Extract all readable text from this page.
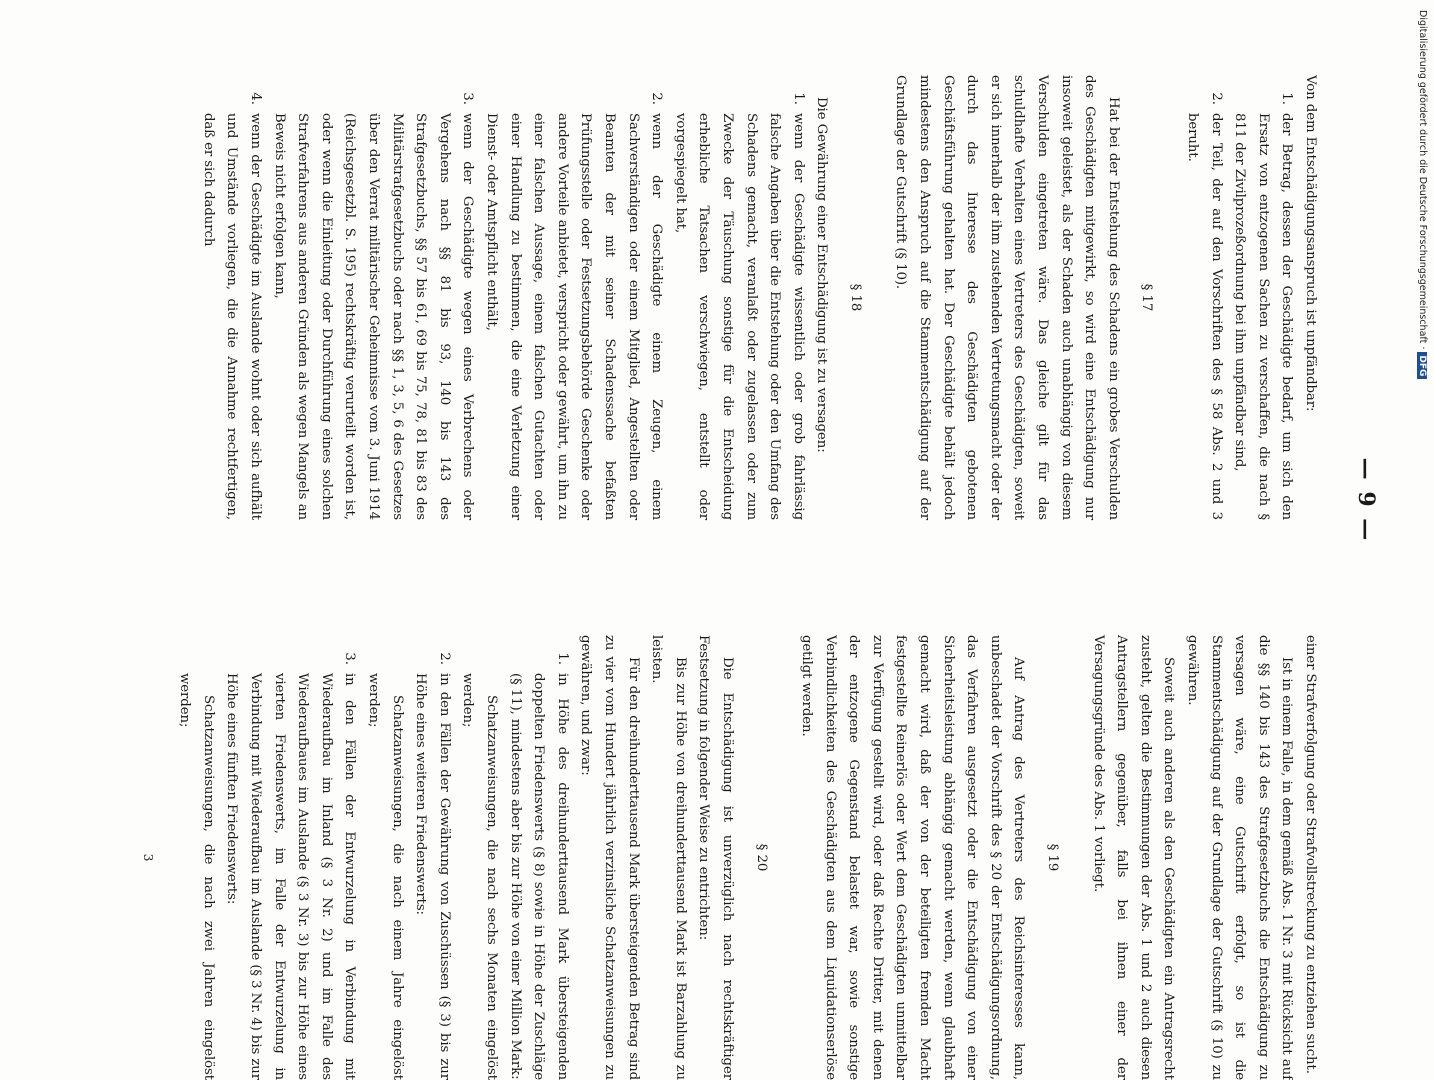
— 9 —

Von dem Entschädigungsanspruch ist unpfändbar:

1. der Betrag, dessen der Geschädigte bedarf, um sich den Ersatz von entzogenen Sachen zu verschaffen, die nach § 811 der Zivilprozeßordnung bei ihm unpfändbar sind,
2. der Teil, der auf den Vorschriften des § 58 Abs. 2 und 3 beruht.

§ 17

Hat bei der Entstehung des Schadens ein grobes Verschulden des Geschädigten mitgewirkt, so wird eine Entschädigung nur insoweit geleistet, als der Schaden auch unabhängig von diesem Verschulden eingetreten wäre. Das gleiche gilt für das schuldhafte Verhalten eines Vertreters des Geschädigten, soweit er sich innerhalb der ihm zustehenden Vertretungsmacht oder der durch das Interesse des Geschädigten gebotenen Geschäftsführung gehalten hat. Der Geschädigte behält jedoch mindestens den Anspruch auf die Stammentschädigung auf der Grundlage der Gutschrift (§ 10).

§ 18

Die Gewährung einer Entschädigung ist zu versagen:

1. wenn der Geschädigte wissentlich oder grob fahrlässig falsche Angaben über die Entstehung oder den Umfang des Schadens gemacht, veranlaßt oder zugelassen oder zum Zwecke der Täuschung sonstige für die Entscheidung erhebliche Tatsachen verschwiegen, entstellt oder vorgespiegelt hat,
2. wenn der Geschädigte einem Zeugen, einem Sachverständigen oder einem Mitglied, Angestellten oder Beamten der mit seiner Schadenssache befaßten Prüfungsstelle oder Festsetzungsbehörde Geschenke oder andere Vorteile anbietet, verspricht oder gewährt, um ihn zu einer falschen Aussage, einem falschen Gutachten oder einer Handlung zu bestimmen, die eine Verletzung einer Dienst- oder Amtspflicht enthält,
3. wenn der Geschädigte wegen eines Verbrechens oder Vergehens nach §§ 81 bis 93, 140 bis 143 des Strafgesetzbuchs, §§ 57 bis 61, 69 bis 75, 78, 81 bis 83 des Militärstrafgesetzbuchs oder nach §§ 1, 3, 5, 6 des Gesetzes über den Verrat militärischer Geheimnisse vom 3. Juni 1914 (Reichsgesetzbl. S. 195) rechtskräftig verurteilt worden ist, oder wenn die Einleitung oder Durchführung eines solchen Strafverfahrens aus anderen Gründen als wegen Mangels an Beweis nicht erfolgen kann,
4. wenn der Geschädigte im Auslande wohnt oder sich aufhält und Umstände vorliegen, die die Annahme rechtfertigen, daß er sich dadurch

einer Strafverfolgung oder Strafvollstreckung zu entziehen sucht.

Ist in einem Falle, in dem gemäß Abs. 1 Nr. 3 mit Rücksicht auf die §§ 140 bis 143 des Strafgesetzbuchs die Entschädigung zu versagen wäre, eine Gutschrift erfolgt, so ist die Stammentschädigung auf der Grundlage der Gutschrift (§ 10) zu gewähren.

Soweit auch anderen als den Geschädigten ein Antragsrecht zusteht, gelten die Bestimmungen der Abs. 1 und 2 auch diesen Antragstellern gegenüber, falls bei ihnen einer der Versagungsgründe des Abs. 1 vorliegt.

§ 19

Auf Antrag des Vertreters des Reichsinteresses kann, unbeschadet der Vorschrift des § 20 der Entschädigungsordnung, das Verfahren ausgesetzt oder die Entschädigung von einer Sicherheitsleistung abhängig gemacht werden, wenn glaubhaft gemacht wird, daß der von der beteiligten fremden Macht festgestellte Reinerlös oder Wert dem Geschädigten unmittelbar zur Verfügung gestellt wird, oder daß Rechte Dritter, mit denen der entzogene Gegenstand belastet war, sowie sonstige Verbindlichkeiten des Geschädigten aus dem Liquidationserlöse getilgt werden.

§ 20

Die Entschädigung ist unverzüglich nach rechtskräftiger Festsetzung in folgender Weise zu entrichten:

Bis zur Höhe von dreihunderttausend Mark ist Barzahlung zu leisten.

Für den dreihunderttausend Mark übersteigenden Betrag sind zu vier vom Hundert jährlich verzinsliche Schatzanweisungen zu gewähren, und zwar:

1. in Höhe des dreihunderttausend Mark übersteigenden doppelten Friedenswerts (§ 8) sowie in Höhe der Zuschläge (§ 11), mindestens aber bis zur Höhe von einer Million Mark:

Schatzanweisungen, die nach sechs Monaten eingelöst werden;

2. in den Fällen der Gewährung von Zuschüssen (§ 3) bis zur Höhe eines weiteren Friedenswerts:

Schatzanweisungen, die nach einem Jahre eingelöst werden;

3. in den Fällen der Entwurzelung in Verbindung mit Wiederaufbau im Inland (§ 3 Nr. 2) und im Falle des Wiederaufbaues im Auslande (§ 3 Nr. 3) bis zur Höhe eines vierten Friedenswerts, im Falle der Entwurzelung in Verbindung mit Wiederaufbau im Auslande (§ 3 Nr. 4) bis zur Höhe eines fünften Friedenswerts:

Schatzanweisungen, die nach zwei Jahren eingelöst werden;

3
Digitalisierung gefördert durch die Deutsche Forschungsgemeinschaft ·DFG
